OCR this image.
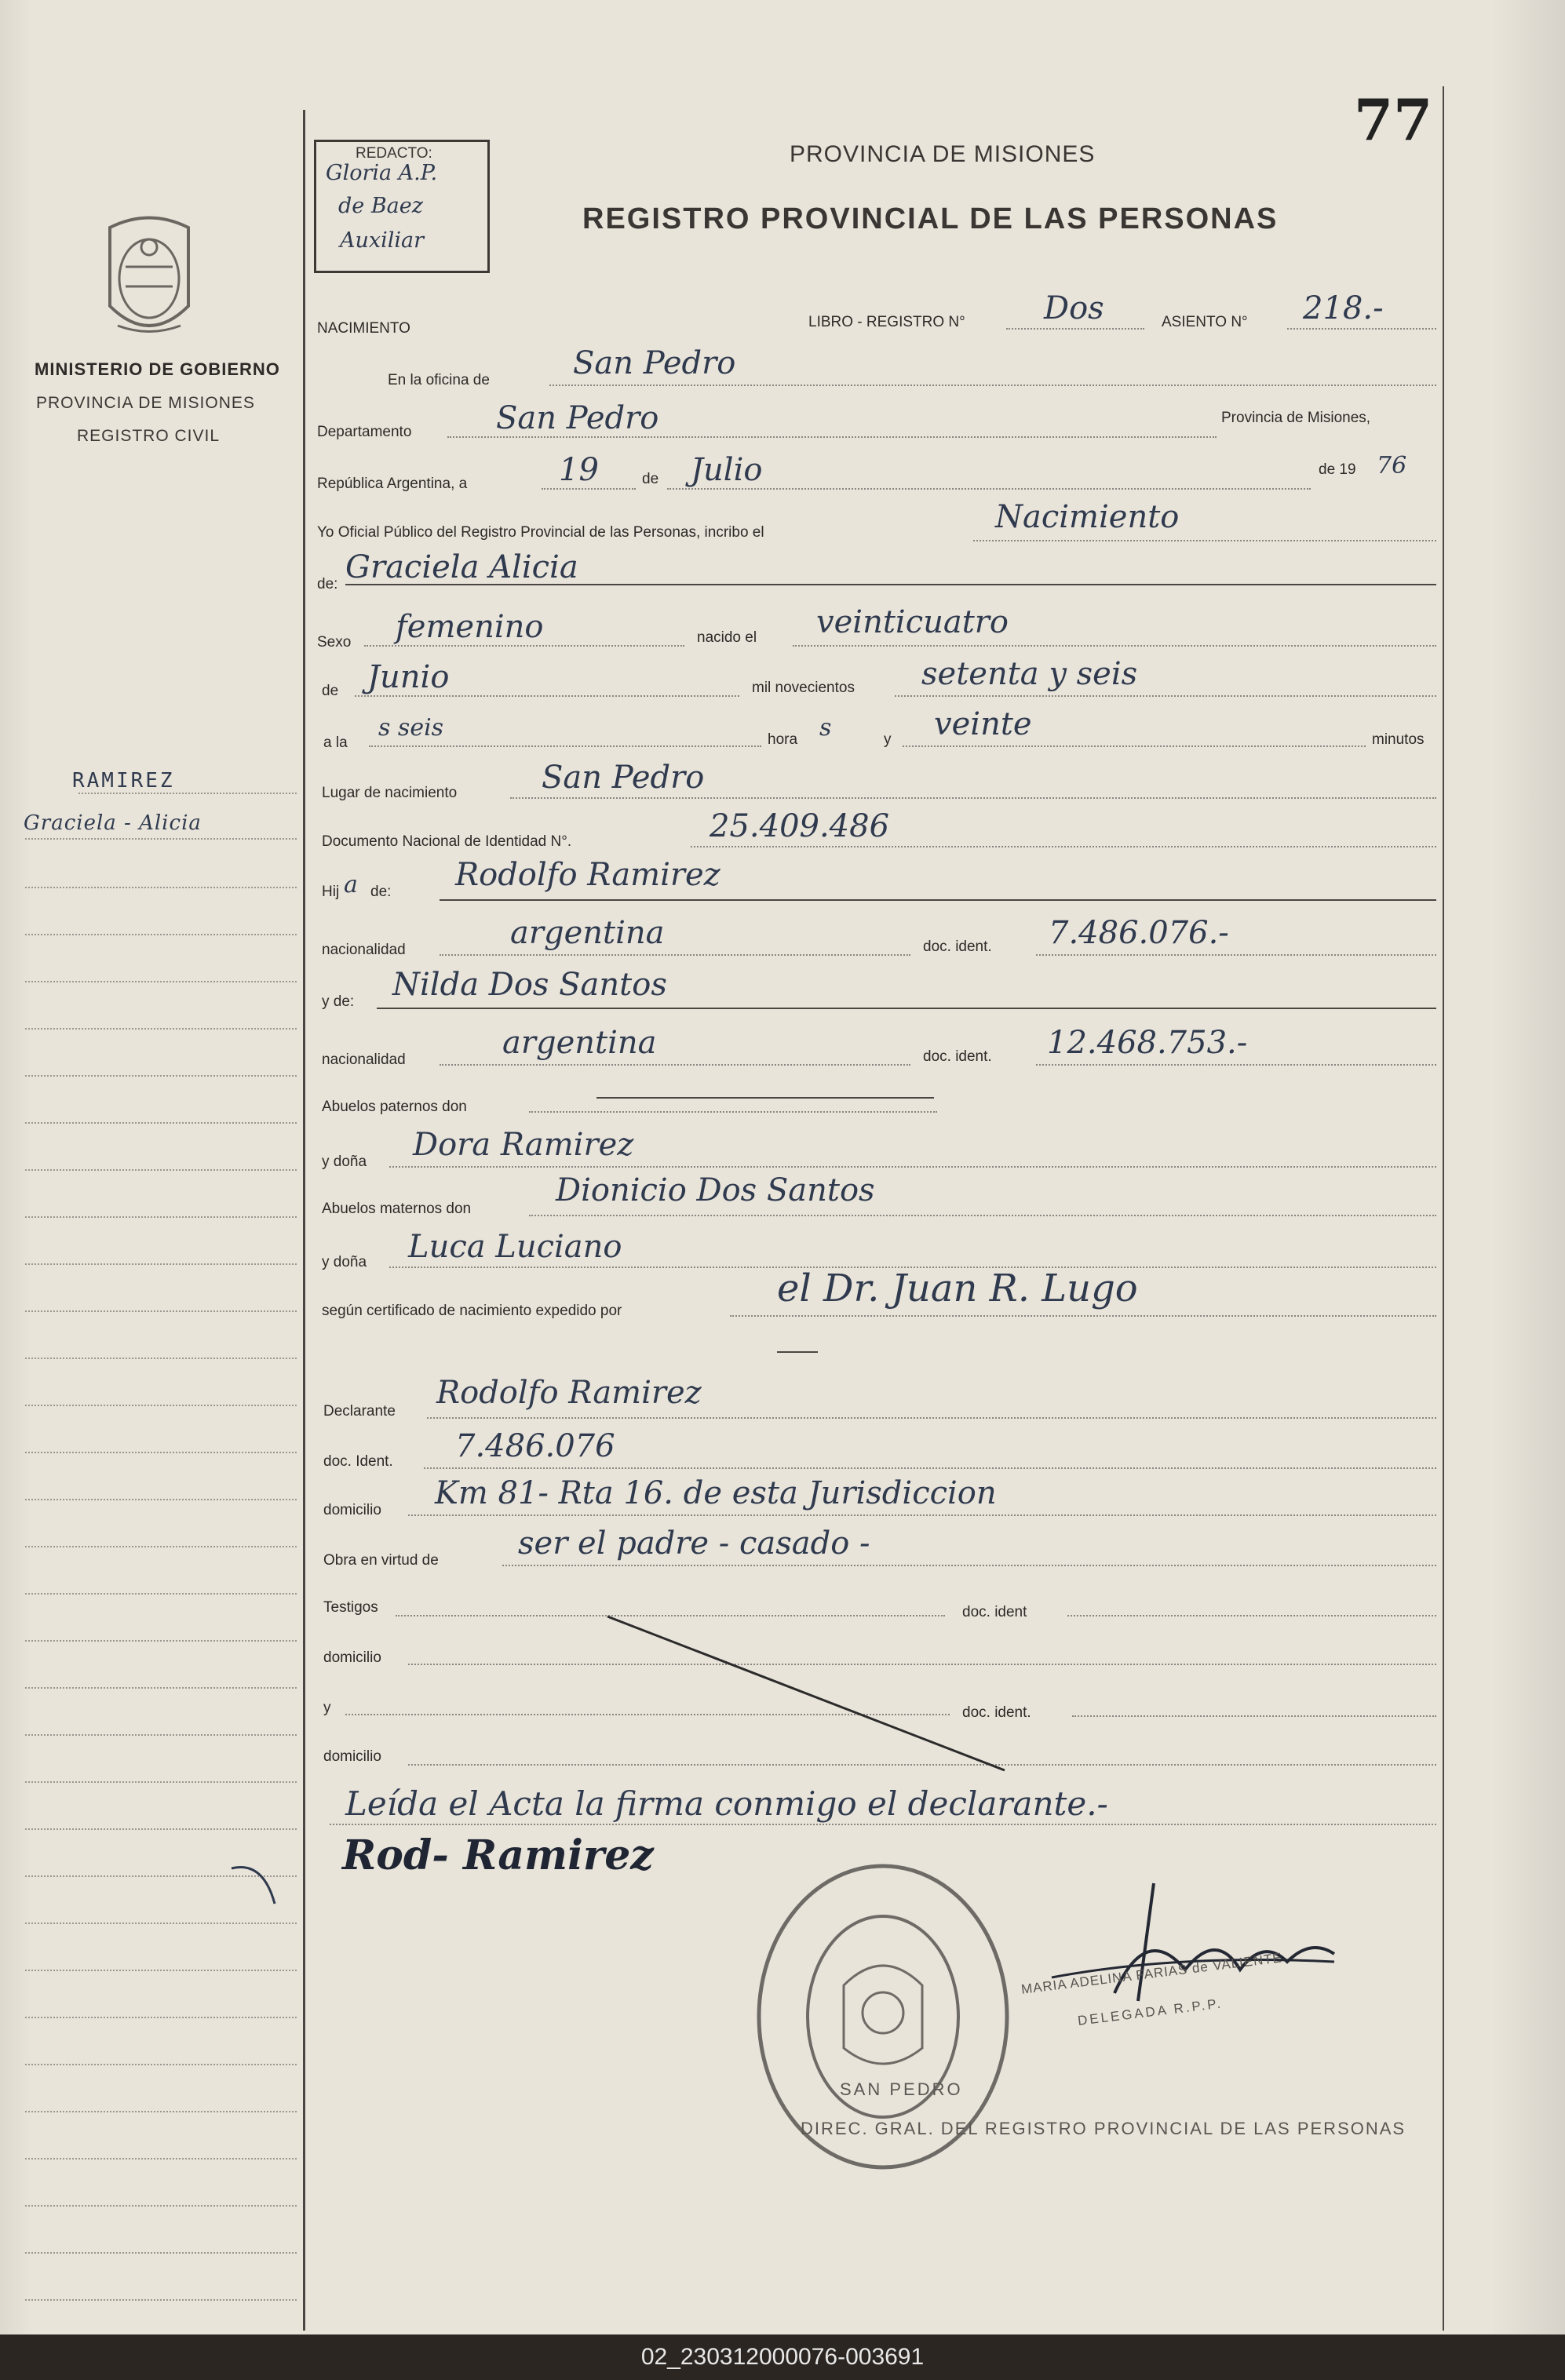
77
REDACTO:
Gloria A.P.
de Baez
Auxiliar
MINISTERIO DE GOBIERNO
PROVINCIA DE MISIONES
REGISTRO CIVIL
PROVINCIA DE MISIONES
REGISTRO PROVINCIAL DE LAS PERSONAS
RAMIREZ
Graciela - Alicia
NACIMIENTO	LIBRO - REGISTRO N°	Dos	ASIENTO N° 218.-
En la oficina de	San Pedro
Departamento	San Pedro	Provincia de Misiones,
República Argentina, a	19	de Julio	de 19 76
Yo Oficial Público del Registro Provincial de las Personas, incribo el	Nacimiento
de: Graciela Alicia
Sexo femenino	nacido el veinticuatro
de Junio	mil novecientos setenta y seis
a la
s seis	hora s	y veinte	minutos
Lugar de nacimiento	San Pedro
Documento Nacional de Identidad N°.	25.409.486
Hij a de: Rodolfo Ramirez
nacionalidad	argentina	doc. ident. 7.486.076.-
y de: Nilda Dos Santos
nacionalidad	argentina	doc. ident. 12.468.753.-
Abuelos paternos don
y doña Dora Ramirez
Abuelos maternos don
Dionicio Dos Santos
y doña Luca Luciano
según certificado de nacimiento expedido por
el Dr. Juan R. Lugo
Declarante
Rodolfo Ramirez
doc. Ident. 7.486.076
domicilio Km 81- Rta 16. de esta Jurisdiccion
Obra en virtud de	ser el padre - casado -
Testigos	doc. ident
domicilio
y	doc. ident.
domicilio
Leída el Acta la firma conmigo el declarante.-
Rod- Ramirez
DIREC. GRAL. DEL REGISTRO PROVINCIAL DE LAS PERSONAS
SAN PEDRO
MARIA ADELINA FARIAS de VALIENTE
DELEGADA R.P.P.
02_230312000076-003691
